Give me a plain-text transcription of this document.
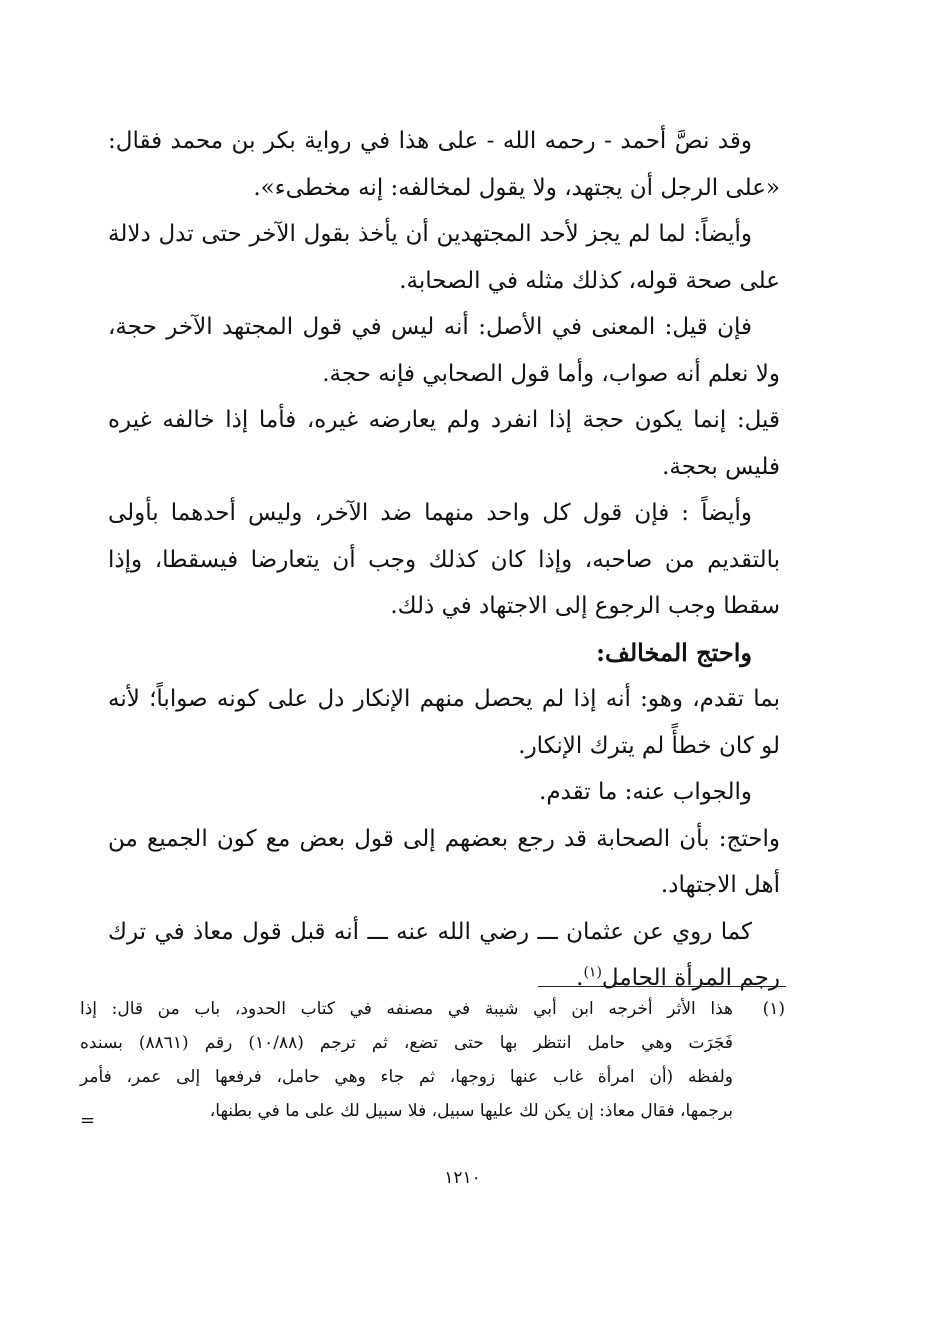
وقد نصَّ أحمد - رحمه الله - على هذا في رواية بكر بن محمد فقال: «على الرجل أن يجتهد، ولا يقول لمخالفه: إنه مخطىء».

وأيضاً: لما لم يجز لأحد المجتهدين أن يأخذ بقول الآخر حتى تدل دلالة على صحة قوله، كذلك مثله في الصحابة.

فإن قيل: المعنى في الأصل: أنه ليس في قول المجتهد الآخر حجة، ولا نعلم أنه صواب، وأما قول الصحابي فإنه حجة.

قيل: إنما يكون حجة إذا انفرد ولم يعارضه غيره، فأما إذا خالفه غيره فليس بحجة.

وأيضاً : فإن قول كل واحد منهما ضد الآخر، وليس أحدهما بأولى بالتقديم من صاحبه، وإذا كان كذلك وجب أن يتعارضا فيسقطا، وإذا سقطا وجب الرجوع إلى الاجتهاد في ذلك.

واحتج المخالف:

بما تقدم، وهو: أنه إذا لم يحصل منهم الإنكار دل على كونه صواباً؛ لأنه لو كان خطأً لم يترك الإنكار.

والجواب عنه: ما تقدم.

واحتج: بأن الصحابة قد رجع بعضهم إلى قول بعض مع كون الجميع من أهل الاجتهاد.

كما روي عن عثمان ـــ رضي الله عنه ـــ أنه قبل قول معاذ في ترك رجم المرأة الحامل$^{(١)}$.

(١)

هذا الأثر أخرجه ابن أبي شيبة في مصنفه في كتاب الحدود، باب من قال: إذا
فَجَرَت وهي حامل انتظر بها حتى تضع، ثم ترجم (١٠/٨٨) رقم (٨٨٦١) بسنده
ولفظه (أن امرأة غاب عنها زوجها، ثم جاء وهي حامل، فرفعها إلى عمر، فأمر
برجمها، فقال معاذ: إن يكن لك عليها سبيل، فلا سبيل لك على ما في بطنها،

=
١٢١٠
